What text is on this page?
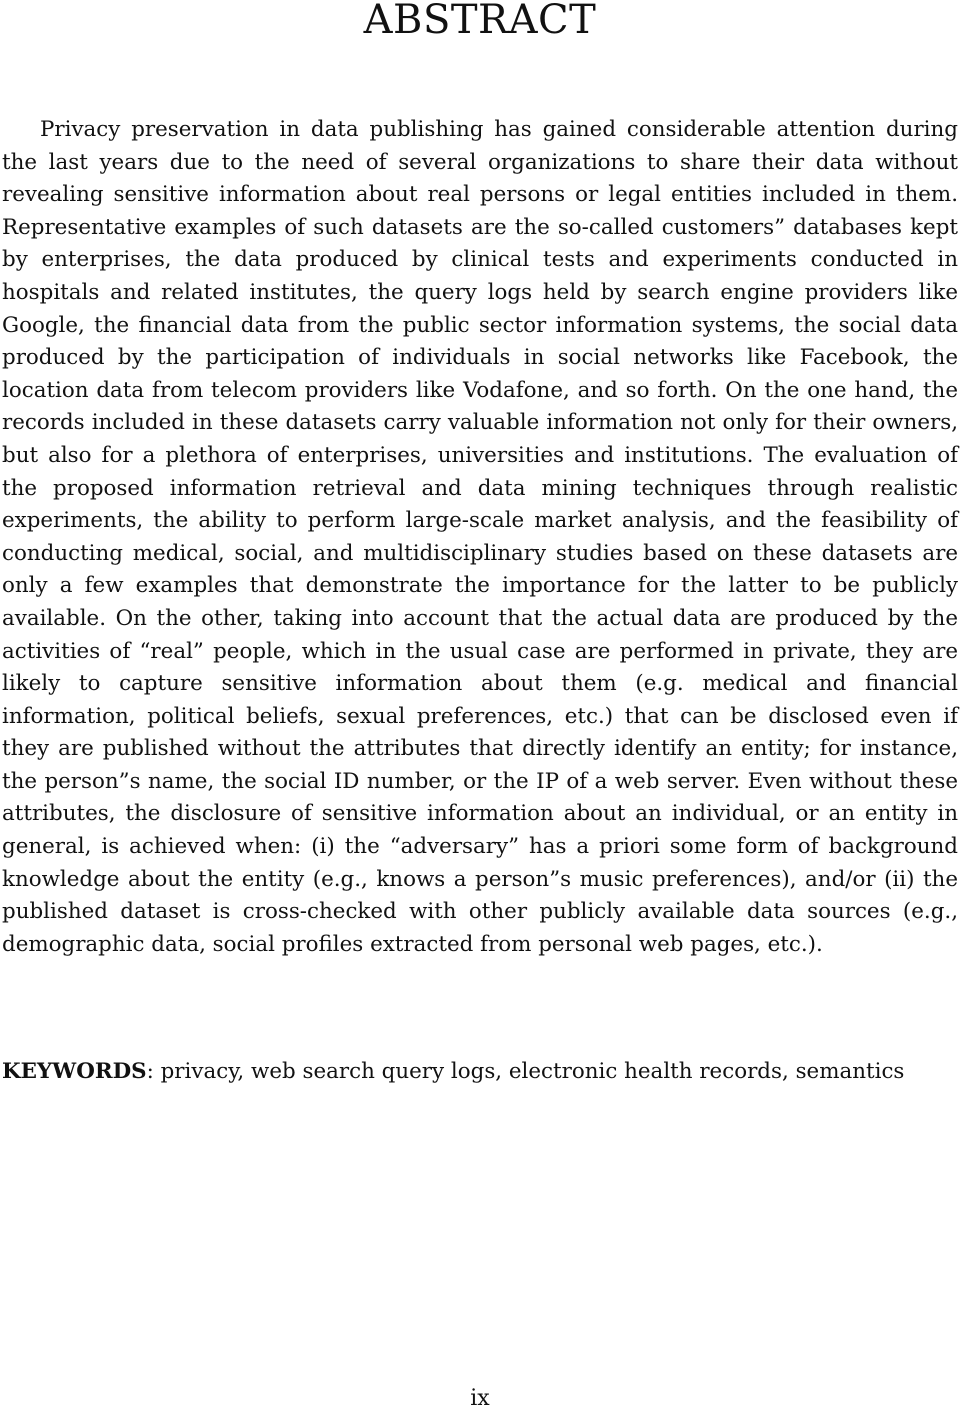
ABSTRACT

Privacy preservation in data publishing has gained considerable attention during the last years due to the need of several organizations to share their data without revealing sensitive information about real persons or legal entities included in them. Representative examples of such datasets are the so-called customers” databases kept by enterprises, the data produced by clinical tests and experiments conducted in hospitals and related institutes, the query logs held by search engine providers like Google, the financial data from the public sector information systems, the social data produced by the participation of individuals in social networks like Facebook, the location data from telecom providers like Vodafone, and so forth. On the one hand, the records included in these datasets carry valuable information not only for their owners, but also for a plethora of enterprises, universities and institutions. The evaluation of the proposed information retrieval and data mining techniques through realistic experiments, the ability to perform large-scale market analysis, and the feasibility of conducting medical, social, and multidisciplinary studies based on these datasets are only a few examples that demonstrate the importance for the latter to be publicly available. On the other, taking into account that the actual data are produced by the activities of “real” people, which in the usual case are performed in private, they are likely to capture sensitive information about them (e.g. medical and financial information, political beliefs, sexual preferences, etc.) that can be disclosed even if they are published without the attributes that directly identify an entity; for instance, the person”s name, the social ID number, or the IP of a web server. Even without these attributes, the disclosure of sensitive information about an individual, or an entity in general, is achieved when: (i) the “adversary” has a priori some form of background knowledge about the entity (e.g., knows a person”s music preferences), and/or (ii) the published dataset is cross-checked with other publicly available data sources (e.g., demographic data, social profiles extracted from personal web pages, etc.).

KEYWORDS: privacy, web search query logs, electronic health records, semantics

ix
